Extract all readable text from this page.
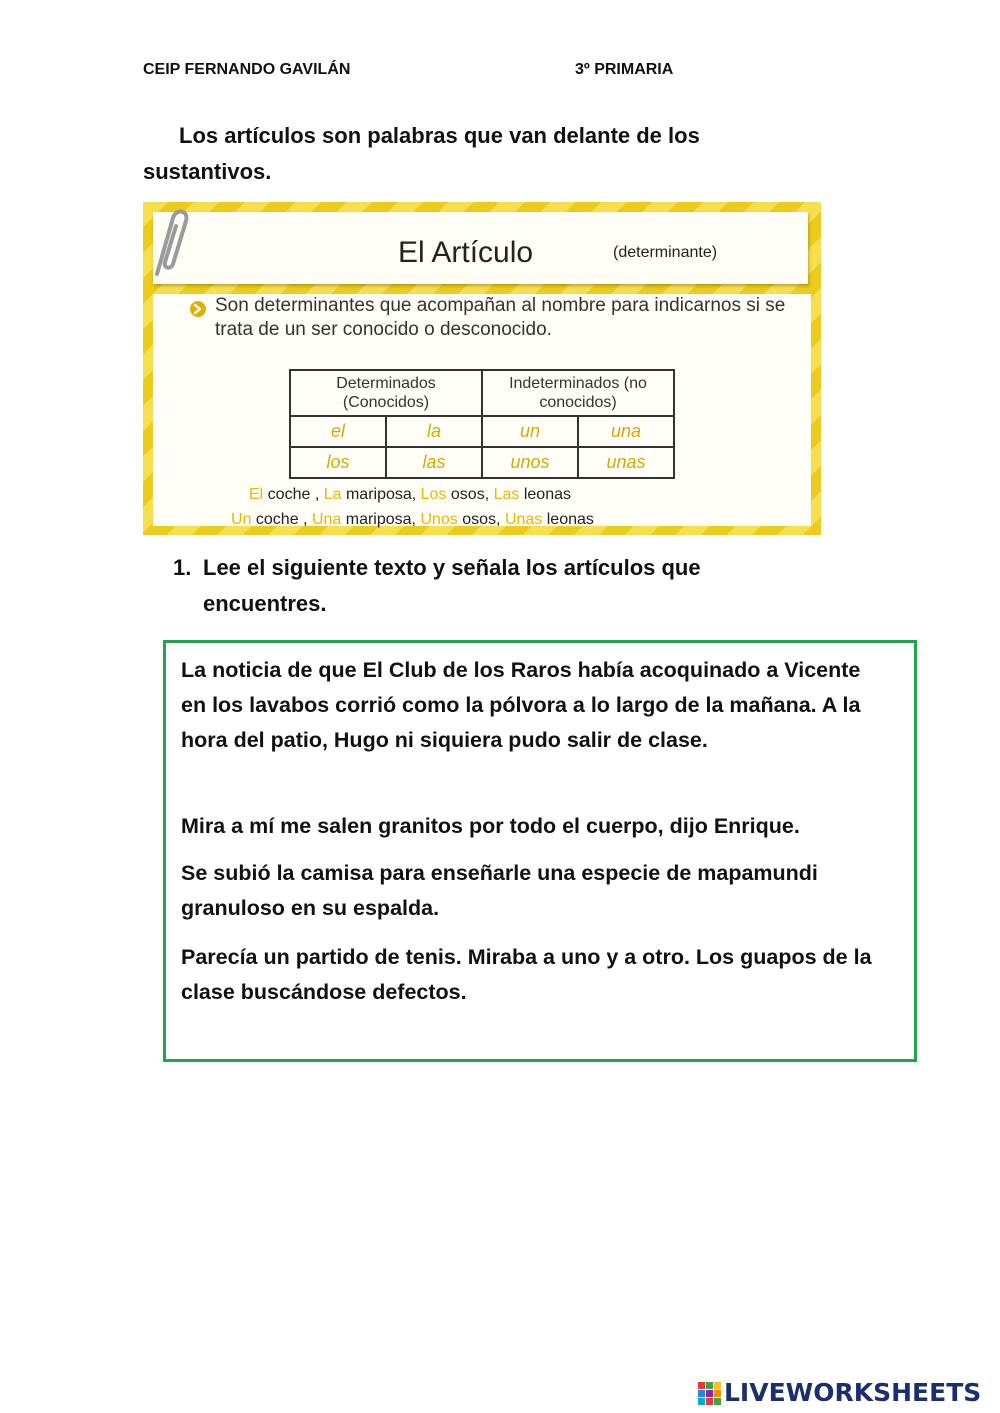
CEIP FERNANDO GAVILÁN	3º PRIMARIA

Los artículos son palabras que van delante de los sustantivos.

El Artículo	(determinante)

Son determinantes que acompañan al nombre para indicarnos si se trata de un ser conocido o desconocido.

Determinados (Conocidos)		Indeterminados (no conocidos)	
el	la	un	una
los	las	unos	unas
El coche , La mariposa, Los osos, Las leonas
Un coche , Una mariposa, Unos osos, Unas leonas
1. Lee el siguiente texto y señala los artículos que encuentres.

La noticia de que El Club de los Raros había acoquinado a Vicente en los lavabos corrió como la pólvora a lo largo de la mañana. A la hora del patio, Hugo ni siquiera pudo salir de clase.

Mira a mí me salen granitos por todo el cuerpo, dijo Enrique.

Se subió la camisa para enseñarle una especie de mapamundi granuloso en su espalda.

Parecía un partido de tenis. Miraba a uno y a otro. Los guapos de la clase buscándose defectos.

LIVEWORKSHEETS
